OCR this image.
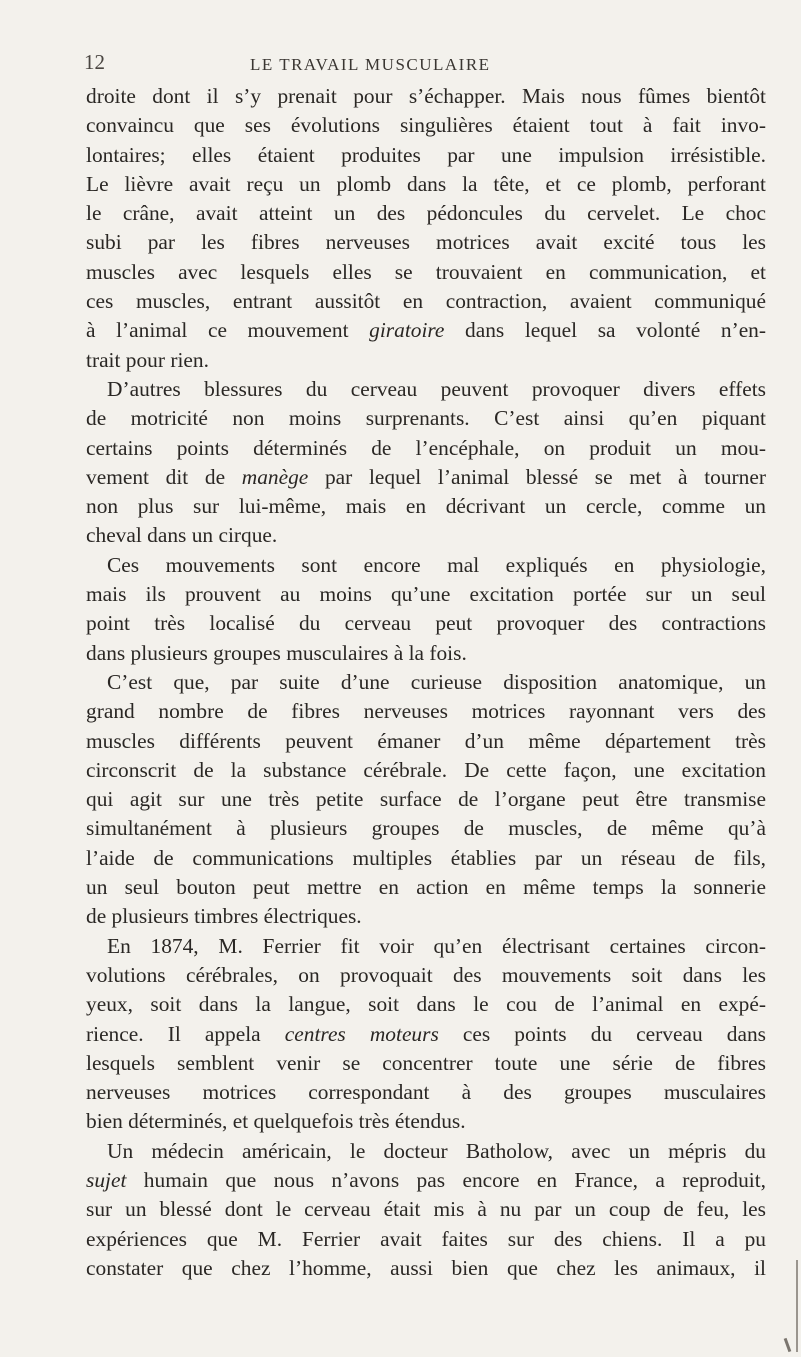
12	LE TRAVAIL MUSCULAIRE
droite dont il s’y prenait pour s’échapper. Mais nous fûmes bientôt
convaincu que ses évolutions singulières étaient tout à fait invo-
lontaires; elles étaient produites par une impulsion irrésistible.
Le lièvre avait reçu un plomb dans la tête, et ce plomb, perforant
le crâne, avait atteint un des pédoncules du cervelet. Le choc
subi par les fibres nerveuses motrices avait excité tous les
muscles avec lesquels elles se trouvaient en communication, et
ces muscles, entrant aussitôt en contraction, avaient communiqué
à l’animal ce mouvement giratoire dans lequel sa volonté n’en-
trait pour rien.
D’autres blessures du cerveau peuvent provoquer divers effets
de motricité non moins surprenants. C’est ainsi qu’en piquant
certains points déterminés de l’encéphale, on produit un mou-
vement dit de manège par lequel l’animal blessé se met à tourner
non plus sur lui-même, mais en décrivant un cercle, comme un
cheval dans un cirque.
Ces mouvements sont encore mal expliqués en physiologie,
mais ils prouvent au moins qu’une excitation portée sur un seul
point très localisé du cerveau peut provoquer des contractions
dans plusieurs groupes musculaires à la fois.
C’est que, par suite d’une curieuse disposition anatomique, un
grand nombre de fibres nerveuses motrices rayonnant vers des
muscles différents peuvent émaner d’un même département très
circonscrit de la substance cérébrale. De cette façon, une excitation
qui agit sur une très petite surface de l’organe peut être transmise
simultanément à plusieurs groupes de muscles, de même qu’à
l’aide de communications multiples établies par un réseau de fils,
un seul bouton peut mettre en action en même temps la sonnerie
de plusieurs timbres électriques.
En 1874, M. Ferrier fit voir qu’en électrisant certaines circon-
volutions cérébrales, on provoquait des mouvements soit dans les
yeux, soit dans la langue, soit dans le cou de l’animal en expé-
rience. Il appela centres moteurs ces points du cerveau dans
lesquels semblent venir se concentrer toute une série de fibres
nerveuses motrices correspondant à des groupes musculaires
bien déterminés, et quelquefois très étendus.
Un médecin américain, le docteur Batholow, avec un mépris du
sujet humain que nous n’avons pas encore en France, a reproduit,
sur un blessé dont le cerveau était mis à nu par un coup de feu, les
expériences que M. Ferrier avait faites sur des chiens. Il a pu
constater que chez l’homme, aussi bien que chez les animaux, il
